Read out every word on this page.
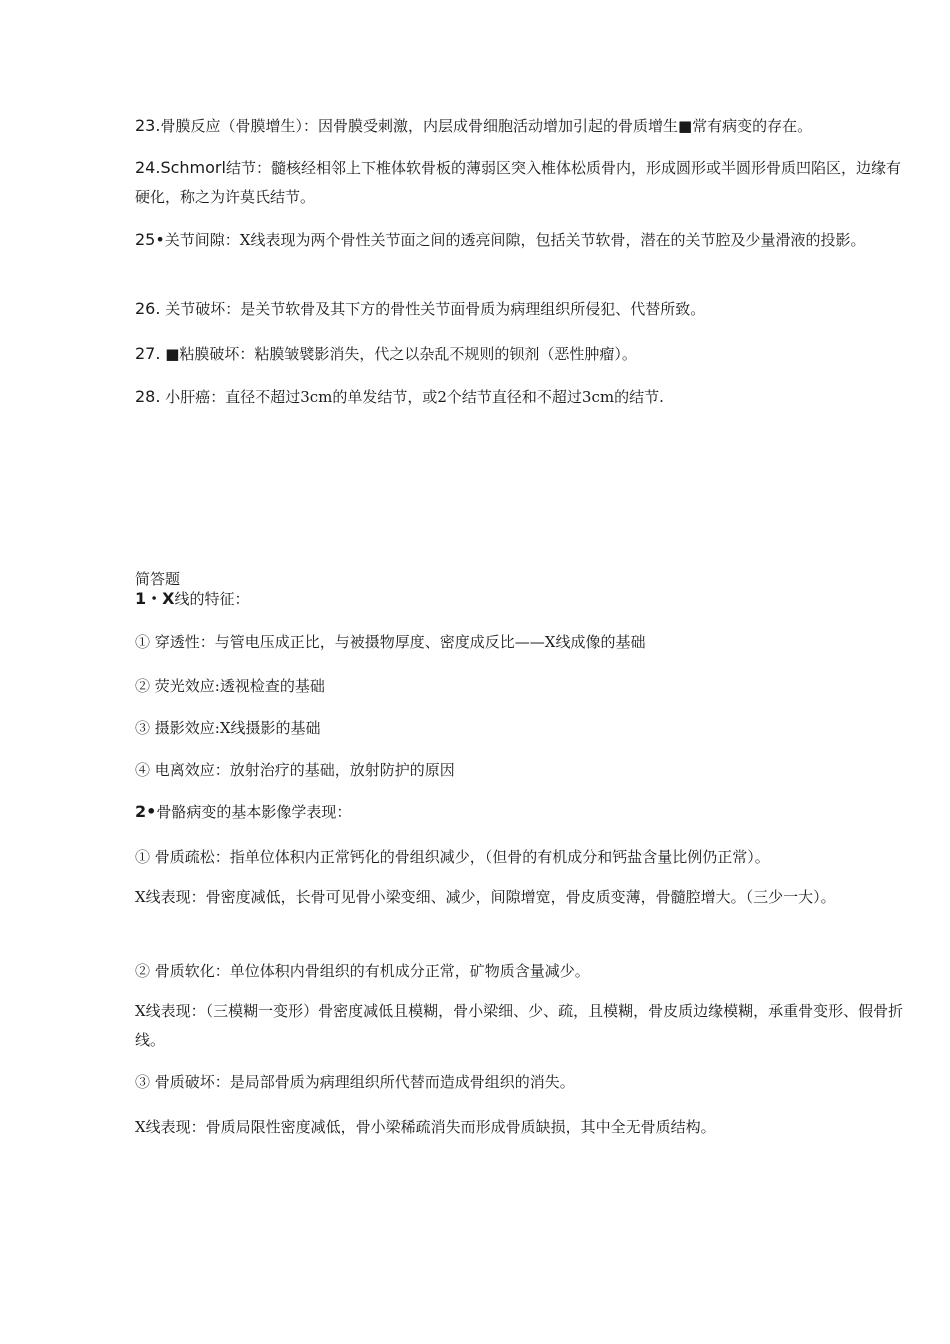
23.骨膜反应（骨膜增生）：因骨膜受刺激，内层成骨细胞活动增加引起的骨质增生■常有病变的存在。
24.Schmorl结节：髓核经相邻上下椎体软骨板的薄弱区突入椎体松质骨内，形成圆形或半圆形骨质凹陷区，边缘有硬化，称之为许莫氏结节。
25•关节间隙：X线表现为两个骨性关节面之间的透亮间隙，包括关节软骨，潜在的关节腔及少量滑液的投影。
26. 关节破坏：是关节软骨及其下方的骨性关节面骨质为病理组织所侵犯、代替所致。
27. ■粘膜破坏：粘膜皱襞影消失，代之以杂乱不规则的钡剂（恶性肿瘤）。
28. 小肝癌：直径不超过3cm的单发结节，或2个结节直径和不超过3cm的结节.
简答题
1・X线的特征：
① 穿透性：与管电压成正比，与被摄物厚度、密度成反比——X线成像的基础
② 荧光效应:透视检查的基础
③ 摄影效应:X线摄影的基础
④ 电离效应：放射治疗的基础，放射防护的原因
2•骨骼病变的基本影像学表现：
① 骨质疏松：指单位体积内正常钙化的骨组织减少，（但骨的有机成分和钙盐含量比例仍正常）。
X线表现：骨密度减低，长骨可见骨小梁变细、减少，间隙增宽，骨皮质变薄，骨髓腔增大。（三少一大）。
② 骨质软化：单位体积内骨组织的有机成分正常，矿物质含量减少。
X线表现：（三模糊一变形）骨密度减低且模糊，骨小梁细、少、疏，且模糊，骨皮质边缘模糊，承重骨变形、假骨折线。
③ 骨质破坏：是局部骨质为病理组织所代替而造成骨组织的消失。
X线表现：骨质局限性密度减低，骨小梁稀疏消失而形成骨质缺损，其中全无骨质结构。
